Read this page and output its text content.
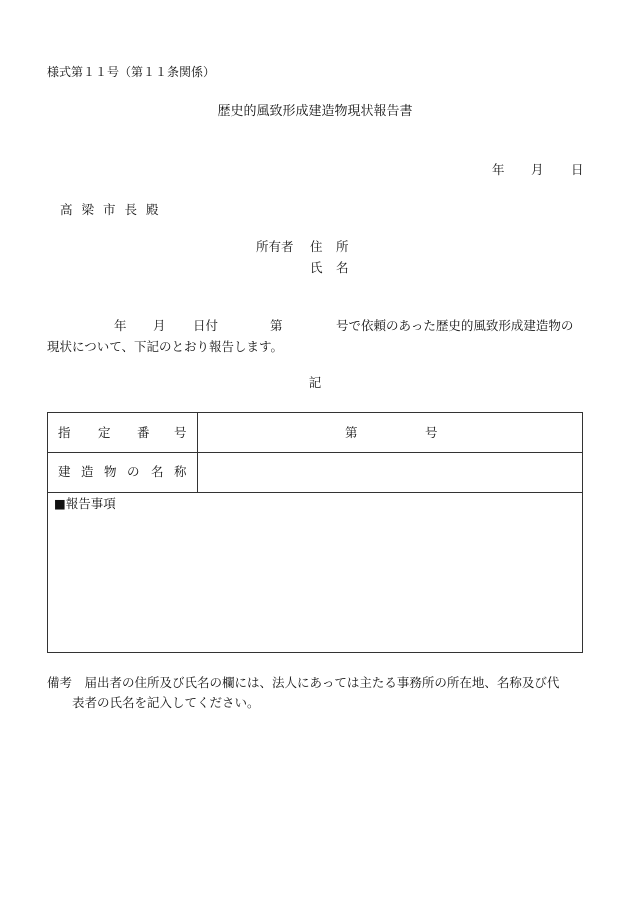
様式第１１号（第１１条関係）
歴史的風致形成建造物現状報告書
年 月 日
高梁市長殿
所有者 住 所
氏 名
年 月 日付	第	号で依頼のあった歴史的風致形成建造物の
現状について、下記のとおり報告します。
記
指 定 番 号	第	号
建 造 物 の 名 称
■報告事項
備考　届出者の住所及び氏名の欄には、法人にあっては主たる事務所の所在地、名称及び代
表者の氏名を記入してください。
